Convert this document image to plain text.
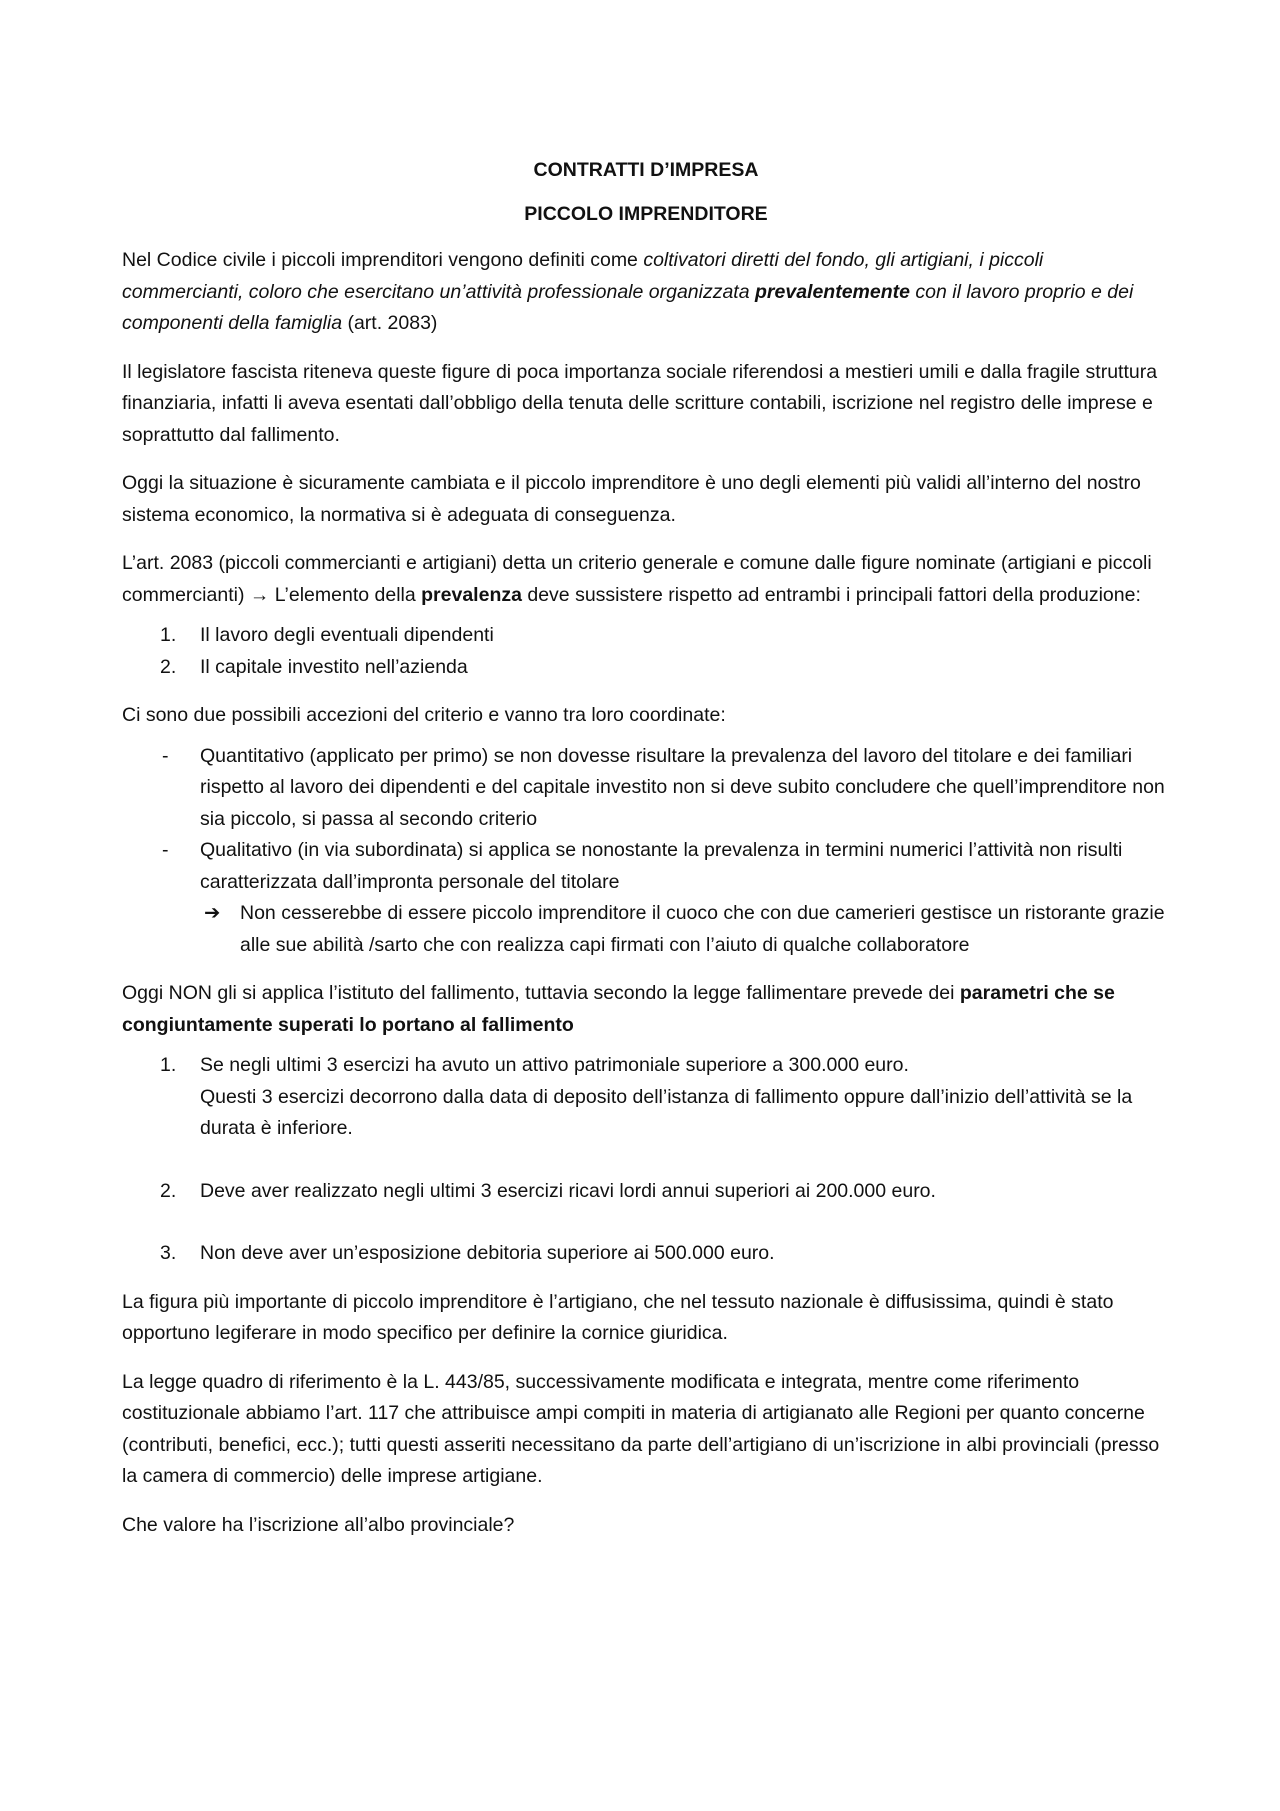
CONTRATTI D’IMPRESA
PICCOLO IMPRENDITORE

Nel Codice civile i piccoli imprenditori vengono definiti come coltivatori diretti del fondo, gli artigiani, i piccoli commercianti, coloro che esercitano un’attività professionale organizzata prevalentemente con il lavoro proprio e dei componenti della famiglia (art. 2083)

Il legislatore fascista riteneva queste figure di poca importanza sociale riferendosi a mestieri umili e dalla fragile struttura finanziaria, infatti li aveva esentati dall’obbligo della tenuta delle scritture contabili, iscrizione nel registro delle imprese e soprattutto dal fallimento.

Oggi la situazione è sicuramente cambiata e il piccolo imprenditore è uno degli elementi più validi all’interno del nostro sistema economico, la normativa si è adeguata di conseguenza.

L’art. 2083 (piccoli commercianti e artigiani) detta un criterio generale e comune dalle figure nominate (artigiani e piccoli commercianti) → L’elemento della prevalenza deve sussistere rispetto ad entrambi i principali fattori della produzione:

1. Il lavoro degli eventuali dipendenti
2. Il capitale investito nell’azienda

Ci sono due possibili accezioni del criterio e vanno tra loro coordinate:

- Quantitativo (applicato per primo) se non dovesse risultare la prevalenza del lavoro del titolare e dei familiari rispetto al lavoro dei dipendenti e del capitale investito non si deve subito concludere che quell’imprenditore non sia piccolo, si passa al secondo criterio
- Qualitativo (in via subordinata) si applica se nonostante la prevalenza in termini numerici l’attività non risulti caratterizzata dall’impronta personale del titolare
➔ Non cesserebbe di essere piccolo imprenditore il cuoco che con due camerieri gestisce un ristorante grazie alle sue abilità /sarto che con realizza capi firmati con l’aiuto di qualche collaboratore

Oggi NON gli si applica l’istituto del fallimento, tuttavia secondo la legge fallimentare prevede dei parametri che se congiuntamente superati lo portano al fallimento

1. Se negli ultimi 3 esercizi ha avuto un attivo patrimoniale superiore a 300.000 euro.
Questi 3 esercizi decorrono dalla data di deposito dell’istanza di fallimento oppure dall’inizio dell’attività se la durata è inferiore.
2. Deve aver realizzato negli ultimi 3 esercizi ricavi lordi annui superiori ai 200.000 euro.
3. Non deve aver un’esposizione debitoria superiore ai 500.000 euro.

La figura più importante di piccolo imprenditore è l’artigiano, che nel tessuto nazionale è diffusissima, quindi è stato opportuno legiferare in modo specifico per definire la cornice giuridica.

La legge quadro di riferimento è la L. 443/85, successivamente modificata e integrata, mentre come riferimento costituzionale abbiamo l’art. 117 che attribuisce ampi compiti in materia di artigianato alle Regioni per quanto concerne (contributi, benefici, ecc.); tutti questi asseriti necessitano da parte dell’artigiano di un’iscrizione in albi provinciali (presso la camera di commercio) delle imprese artigiane.

Che valore ha l’iscrizione all’albo provinciale?
